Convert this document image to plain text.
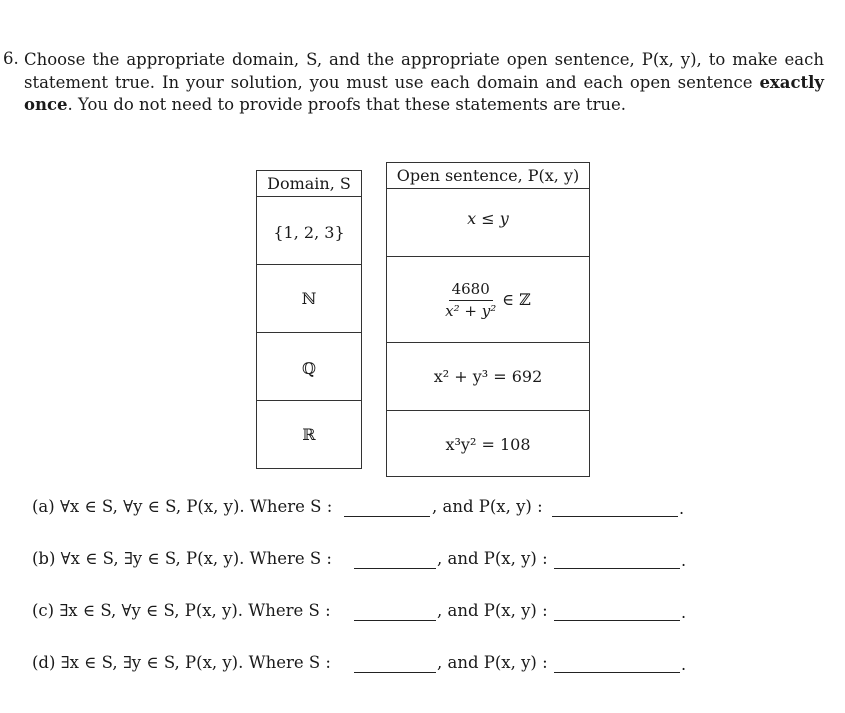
6. Choose the appropriate domain, S, and the appropriate open sentence, P(x, y), to make each statement true. In your solution, you must use each domain and each open sentence exactly once. You do not need to provide proofs that these statements are true.
Domain, S
{1, 2, 3}
ℕ
ℚ
ℝ
Open sentence, P(x, y)
x ≤ y
$\frac{4680}{\text{x² + y²}}$ ∈ ℤ
x² + y³ = 692
x³y² = 108
(a) ∀x ∈ S, ∀y ∈ S, P(x, y). Where S :	, and P(x, y) :	.
(b) ∀x ∈ S, ∃y ∈ S, P(x, y). Where S :	, and P(x, y) :	.
(c) ∃x ∈ S, ∀y ∈ S, P(x, y). Where S :	, and P(x, y) :	.
(d) ∃x ∈ S, ∃y ∈ S, P(x, y). Where S :	, and P(x, y) :	.
